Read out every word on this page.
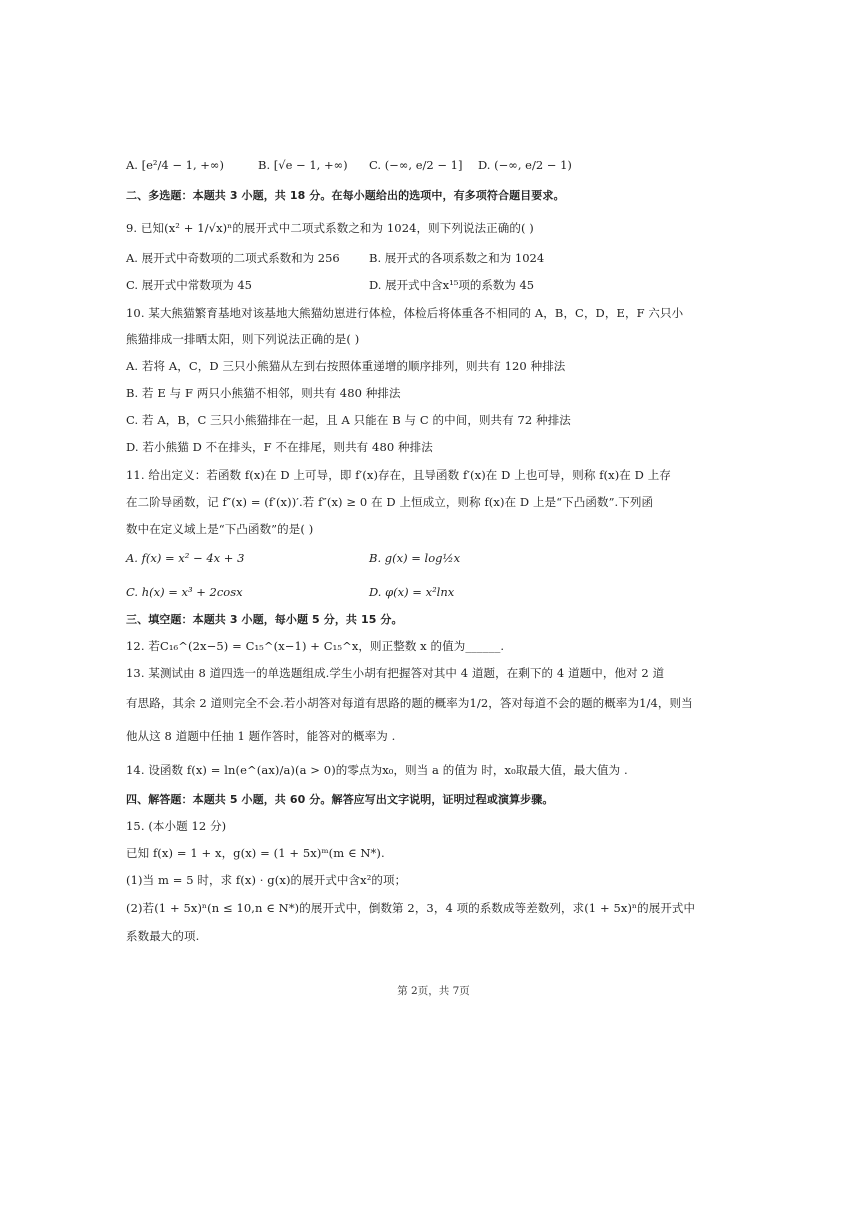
A. [e²/4 − 1, +∞)	B. [√e − 1, +∞) C. (−∞, e/2 − 1] D. (−∞, e/2 − 1)
二、多选题：本题共 3 小题，共 18 分。在每小题给出的选项中，有多项符合题目要求。
9. 已知(x² + 1/√x)ⁿ的展开式中二项式系数之和为 1024，则下列说法正确的( )
A. 展开式中奇数项的二项式系数和为 256	B. 展开式的各项系数之和为 1024
C. 展开式中常数项为 45	D. 展开式中含x¹⁵项的系数为 45
10. 某大熊猫繁育基地对该基地大熊猫幼崽进行体检，体检后将体重各不相同的 A，B，C，D，E，F 六只小
熊猫排成一排晒太阳，则下列说法正确的是( )
A. 若将 A，C，D 三只小熊猫从左到右按照体重递增的顺序排列，则共有 120 种排法
B. 若 E 与 F 两只小熊猫不相邻，则共有 480 种排法
C. 若 A，B，C 三只小熊猫排在一起，且 A 只能在 B 与 C 的中间，则共有 72 种排法
D. 若小熊猫 D 不在排头，F 不在排尾，则共有 480 种排法
11. 给出定义：若函数 f(x)在 D 上可导，即 f′(x)存在，且导函数 f′(x)在 D 上也可导，则称 f(x)在 D 上存
在二阶导函数，记 f″(x) = (f′(x))′.若 f″(x) ≥ 0 在 D 上恒成立，则称 f(x)在 D 上是“下凸函数”.下列函
数中在定义域上是“下凸函数”的是( )
A. f(x) = x² − 4x + 3	B. g(x) = log½x
C. h(x) = x³ + 2cosx	D. φ(x) = x²lnx
三、填空题：本题共 3 小题，每小题 5 分，共 15 分。
12. 若C₁₆^(2x−5) = C₁₅^(x−1) + C₁₅^x，则正整数 x 的值为______.
13. 某测试由 8 道四选一的单选题组成.学生小胡有把握答对其中 4 道题，在剩下的 4 道题中，他对 2 道
有思路，其余 2 道则完全不会.若小胡答对每道有思路的题的概率为1/2，答对每道不会的题的概率为1/4，则当
他从这 8 道题中任抽 1 题作答时，能答对的概率为 .
14. 设函数 f(x) = ln(e^(ax)/a)(a > 0)的零点为x₀，则当 a 的值为 时，x₀取最大值，最大值为 .
四、解答题：本题共 5 小题，共 60 分。解答应写出文字说明，证明过程或演算步骤。
15. (本小题 12 分)
已知 f(x) = 1 + x，g(x) = (1 + 5x)ᵐ(m ∈ N*).
(1)当 m = 5 时，求 f(x) · g(x)的展开式中含x²的项；
(2)若(1 + 5x)ⁿ(n ≤ 10,n ∈ N*)的展开式中，倒数第 2，3，4 项的系数成等差数列，求(1 + 5x)ⁿ的展开式中
系数最大的项.
第 2页，共 7页
